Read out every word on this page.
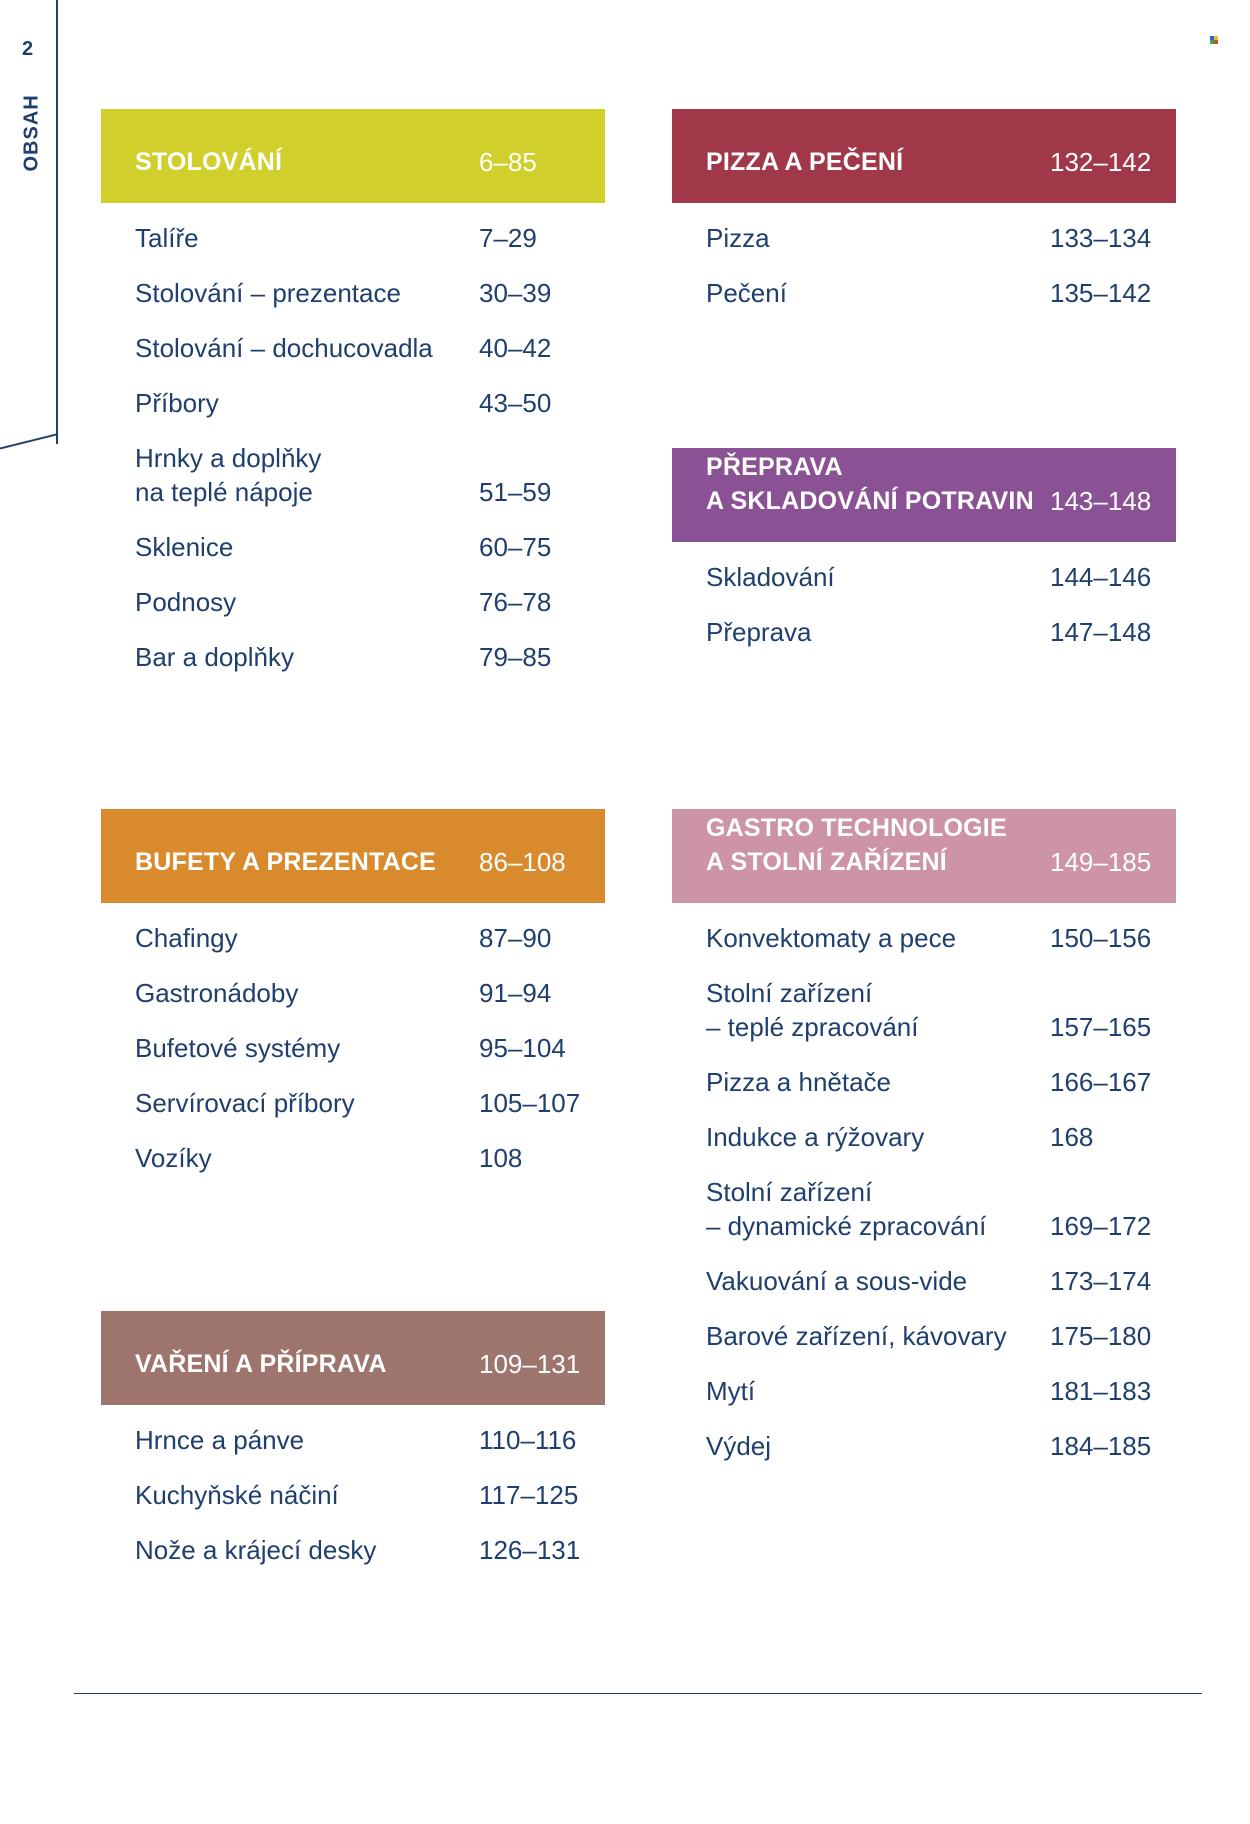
2
OBSAH	STOLOVÁNÍ	6–85
Talíře	7–29
Stolování – prezentace	30–39
Stolování – dochucovadla	40–42
Příbory	43–50
Hrnky a doplňky
na teplé nápoje	51–59
Sklenice	60–75
Podnosy	76–78
Bar a doplňky	79–85
PIZZA A PEČENÍ	132–142
Pizza	133–134
Pečení	135–142
PŘEPRAVA
A SKLADOVÁNÍ POTRAVIN 143–148
Skladování	144–146
Přeprava	147–148
BUFETY A PREZENTACE 86–108
Chafingy	87–90
Gastronádoby	91–94
Bufetové systémy	95–104
Servírovací příbory	105–107
Vozíky	108
GASTRO TECHNOLOGIE
A STOLNÍ ZAŘÍZENÍ	149–185
Konvektomaty a pece	150–156
Stolní zařízení
– teplé zpracování	157–165
Pizza a hnětače	166–167
Indukce a rýžovary	168
Stolní zařízení
– dynamické zpracování	169–172
Vakuování a sous-vide	173–174
Barové zařízení, kávovary	175–180
Mytí	181–183
Výdej	184–185
VAŘENÍ A PŘÍPRAVA	109–131
Hrnce a pánve	110–116
Kuchyňské náčiní	117–125
Nože a krájecí desky	126–131
